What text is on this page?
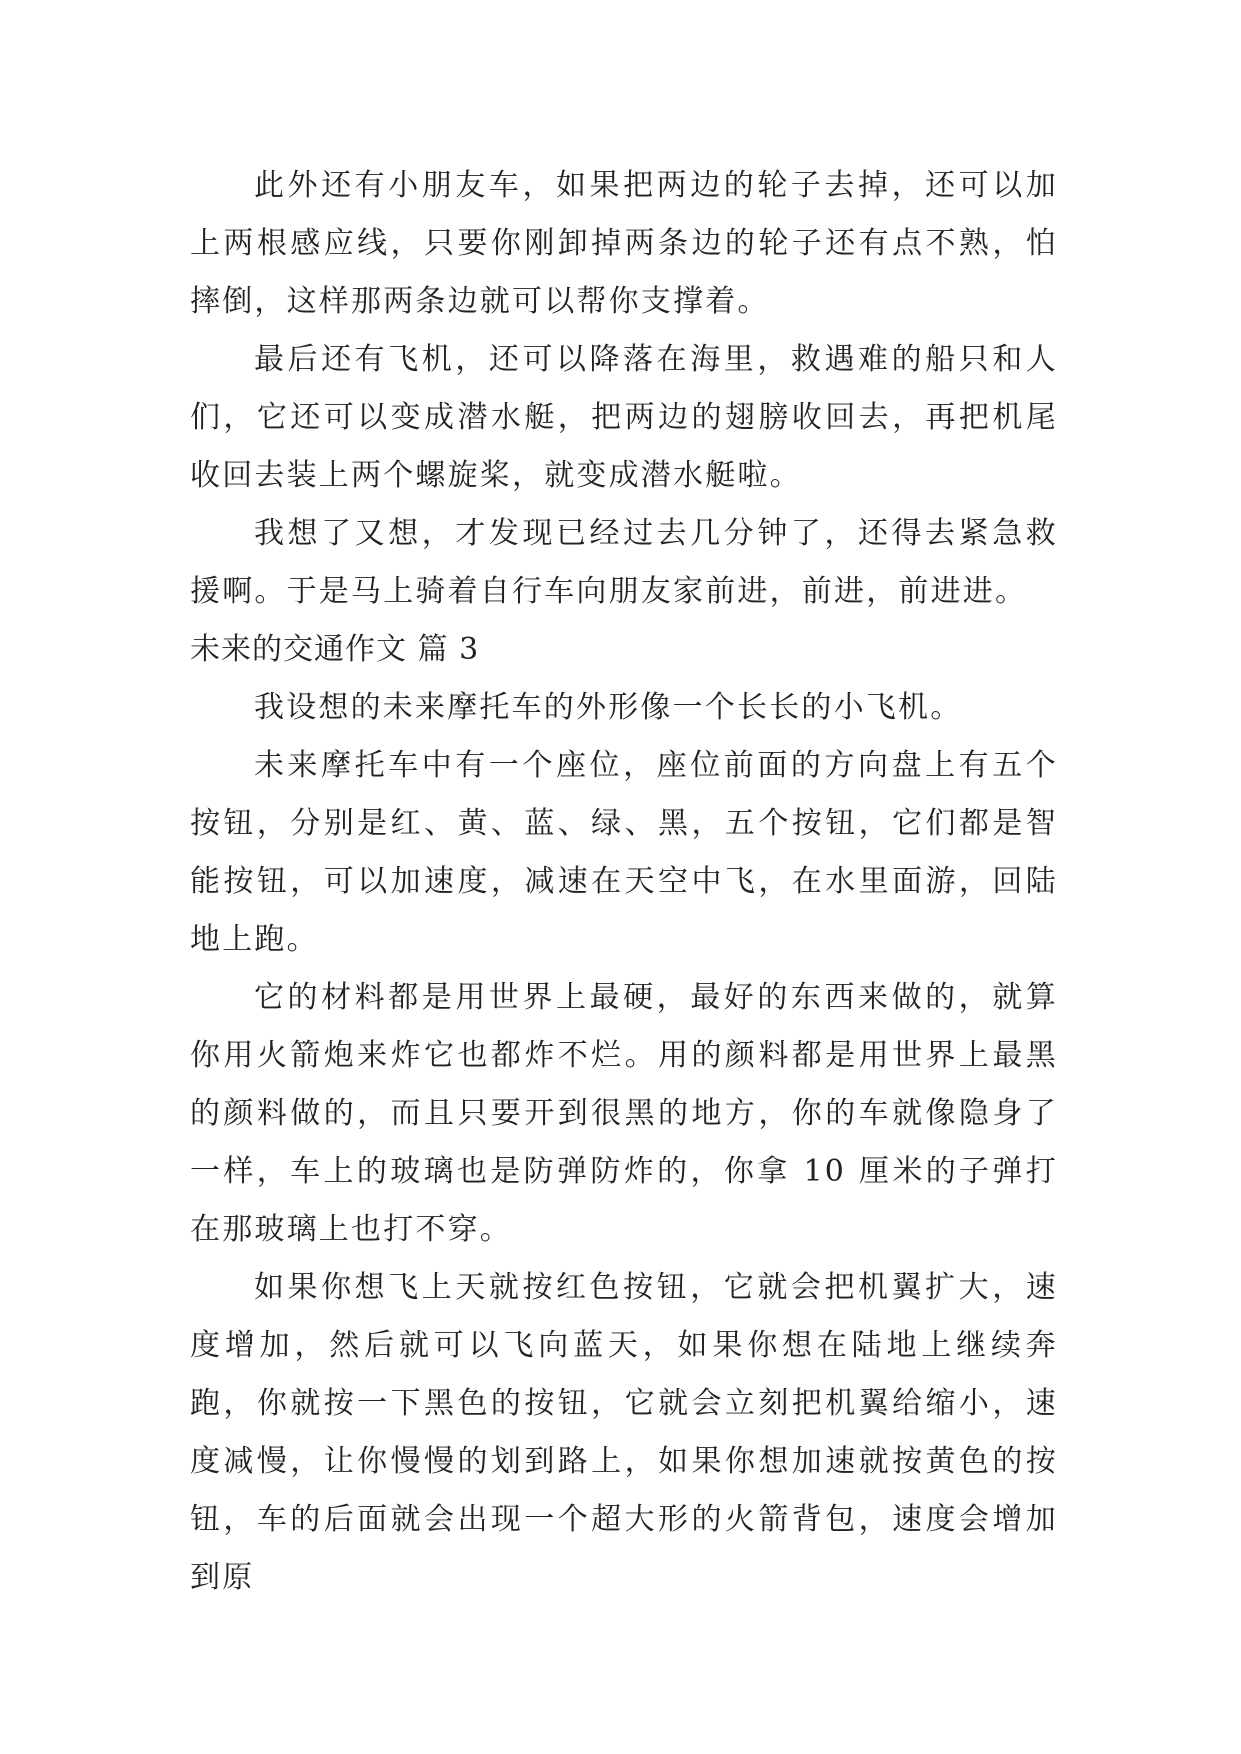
此外还有小朋友车，如果把两边的轮子去掉，还可以加上两根感应线，只要你刚卸掉两条边的轮子还有点不熟，怕摔倒，这样那两条边就可以帮你支撑着。

最后还有飞机，还可以降落在海里，救遇难的船只和人们，它还可以变成潜水艇，把两边的翅膀收回去，再把机尾收回去装上两个螺旋桨，就变成潜水艇啦。

我想了又想，才发现已经过去几分钟了，还得去紧急救援啊。于是马上骑着自行车向朋友家前进，前进，前进进。

未来的交通作文 篇 3

我设想的未来摩托车的外形像一个长长的小飞机。

未来摩托车中有一个座位，座位前面的方向盘上有五个按钮，分别是红、黄、蓝、绿、黑，五个按钮，它们都是智能按钮，可以加速度，减速在天空中飞，在水里面游，回陆地上跑。

它的材料都是用世界上最硬，最好的东西来做的，就算你用火箭炮来炸它也都炸不烂。用的颜料都是用世界上最黑的颜料做的，而且只要开到很黑的地方，你的车就像隐身了一样，车上的玻璃也是防弹防炸的，你拿 10 厘米的子弹打在那玻璃上也打不穿。

如果你想飞上天就按红色按钮，它就会把机翼扩大，速度增加，然后就可以飞向蓝天，如果你想在陆地上继续奔跑，你就按一下黑色的按钮，它就会立刻把机翼给缩小，速度减慢，让你慢慢的划到路上，如果你想加速就按黄色的按钮，车的后面就会出现一个超大形的火箭背包，速度会增加到原
